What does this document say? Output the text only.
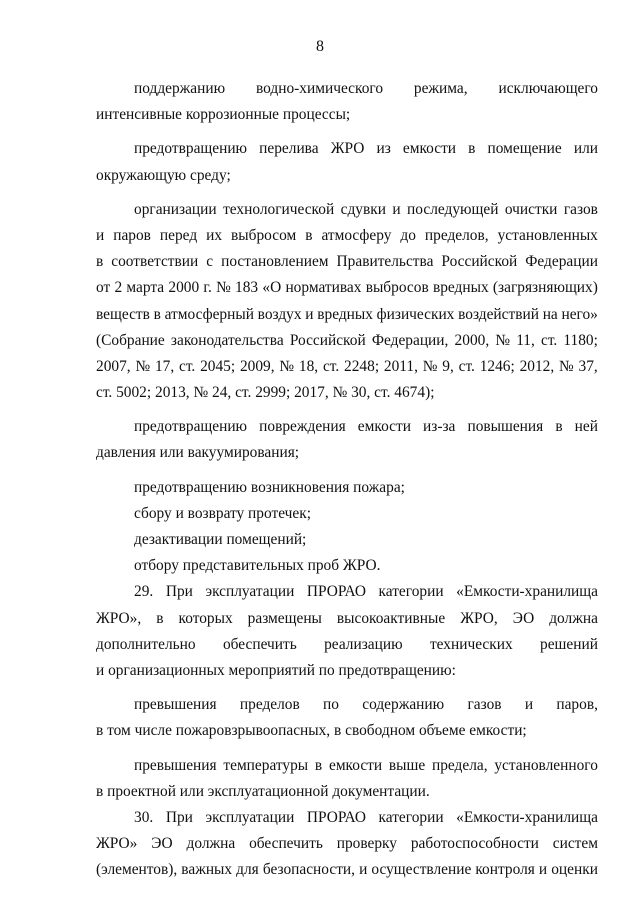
8
поддержанию водно-химического режима, исключающего
интенсивные коррозионные процессы;
предотвращению перелива ЖРО из емкости в помещение или
окружающую среду;
организации технологической сдувки и последующей очистки газов
и паров перед их выбросом в атмосферу до пределов, установленных
в соответствии с постановлением Правительства Российской Федерации
от 2 марта 2000 г. № 183 «О нормативах выбросов вредных (загрязняющих)
веществ в атмосферный воздух и вредных физических воздействий на него»
(Собрание законодательства Российской Федерации, 2000, № 11, ст. 1180;
2007, № 17, ст. 2045; 2009, № 18, ст. 2248; 2011, № 9, ст. 1246; 2012, № 37,
ст. 5002; 2013, № 24, ст. 2999; 2017, № 30, ст. 4674);
предотвращению повреждения емкости из-за повышения в ней
давления или вакуумирования;
предотвращению возникновения пожара;
сбору и возврату протечек;
дезактивации помещений;
отбору представительных проб ЖРО.
29. При эксплуатации ПРОРАО категории «Емкости-хранилища
ЖРО», в которых размещены высокоактивные ЖРО, ЭО должна
дополнительно обеспечить реализацию технических решений
и организационных мероприятий по предотвращению:
превышения пределов по содержанию газов и паров,
в том числе пожаровзрывоопасных, в свободном объеме емкости;
превышения температуры в емкости выше предела, установленного
в проектной или эксплуатационной документации.
30. При эксплуатации ПРОРАО категории «Емкости-хранилища
ЖРО» ЭО должна обеспечить проверку работоспособности систем
(элементов), важных для безопасности, и осуществление контроля и оценки
